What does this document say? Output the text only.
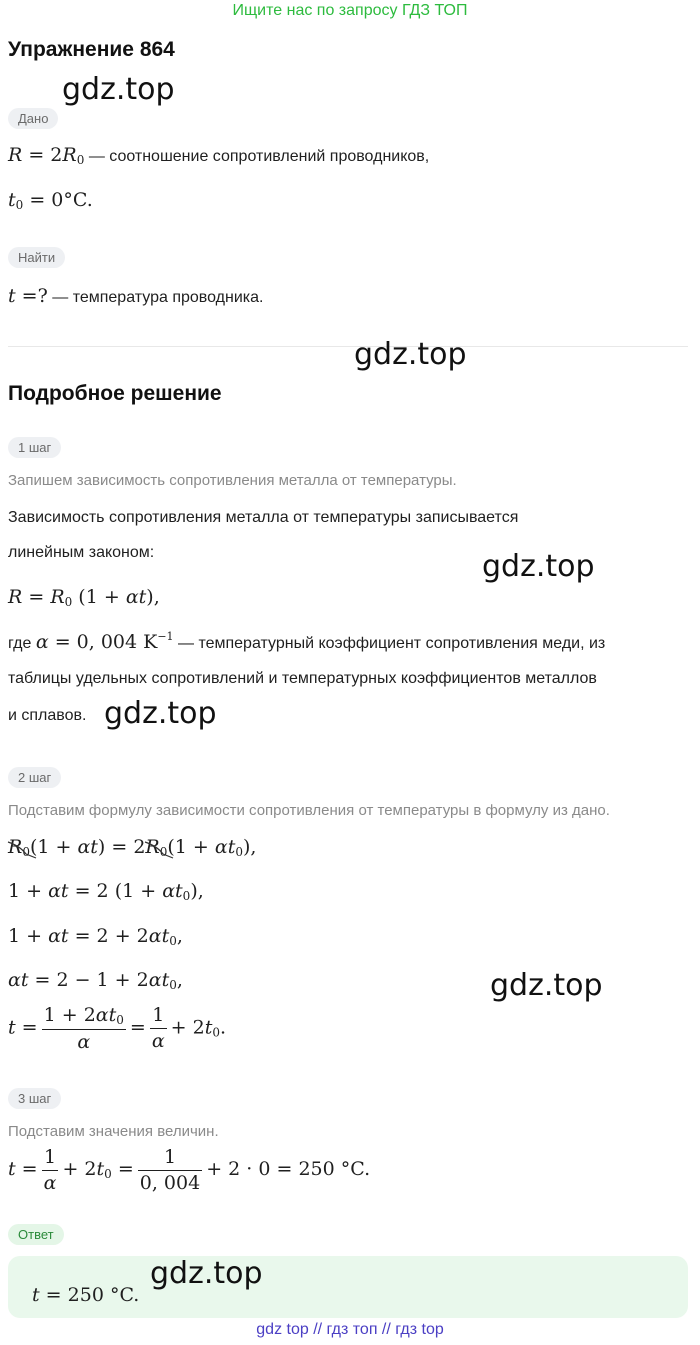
Ищите нас по запросу ГДЗ ТОП
Упражнение 864
gdz.top
Дано
$R = 2R_0$ — соотношение сопротивлений проводников,
$t_0 = 0^\circ C$.
Найти
t =? — температура проводника.
gdz.top
Подробное решение
1 шаг
Запишем зависимость сопротивления металла от температуры.
Зависимость сопротивления металла от температуры записывается
линейным законом:	gdz.top
$R = R_0$ (1 + αt),
где α = 0, 004 $K^{-1}$ — температурный коэффициент сопротивления меди, из
таблицы удельных сопротивлений и температурных коэффициентов металлов
и сплавов. gdz.top
2 шаг
Подставим формулу зависимости сопротивления от температуры в формулу из дано.
$R_0$
$(1 + \alpha t) = 2R_0$
$(1 + \alpha t_0)$,
1 + αt = 2 $(1 + \alpha t_0)$,
$1 + \alpha t = 2 + 2\alpha t_0$,
$\alpha t = 2 - 1 + 2\alpha t_0$,
$t = \frac{1 + 2\alpha t_0}{\alpha} = \frac{1}{\alpha} + 2t_0$.
gdz.top
3 шаг
Подставим значения величин.
$t = \frac{1}{\alpha} + 2t_0 = \frac{1}{0, 004} + 2 \cdot 0 = 250$ °C.
Ответ
t = 250 °C.
gdz.top
gdz top // гдз топ // гдз top
